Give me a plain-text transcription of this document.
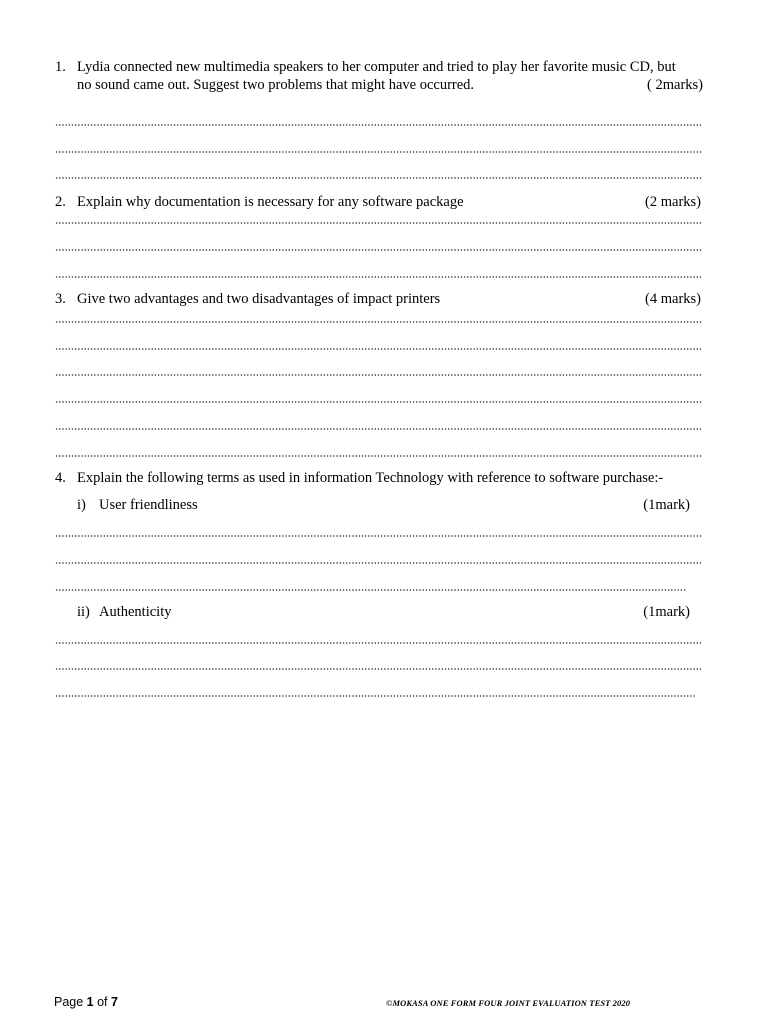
1. Lydia connected new multimedia speakers to her computer and tried to play her favorite music CD, but
no sound came out. Suggest two problems that might have occurred.	( 2marks)
2. Explain why documentation is necessary for any software package	(2 marks)
3. Give two advantages and two disadvantages of impact printers	(4 marks)
4. Explain the following terms as used in information Technology with reference to software purchase:-
i) User friendliness	(1mark)
ii) Authenticity	(1mark)
Page 1 of 7	©MOKASA ONE FORM FOUR JOINT EVALUATION TEST 2020
